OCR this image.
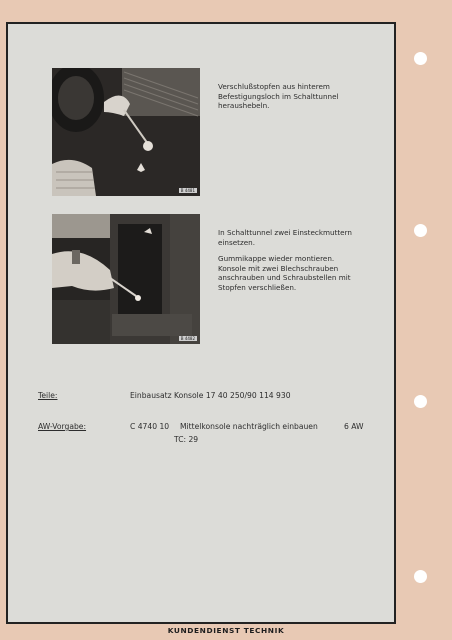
B 4481

Verschlußstopfen aus hinterem Befestigungsloch im Schalttunnel heraushebeln.

B 4482

In Schalttunnel zwei Einsteckmuttern einsetzen.

Gummikappe wieder montieren. Konsole mit zwei Blechschrauben anschrauben und Schraubstellen mit Stopfen verschließen.

Teile:	Einbausatz Konsole 17 40 250/90 114 930
AW-Vorgabe:	C 4740 10 Mittelkonsole nachträglich einbauen	6 AW
TC: 29
KUNDENDIENST TECHNIK
